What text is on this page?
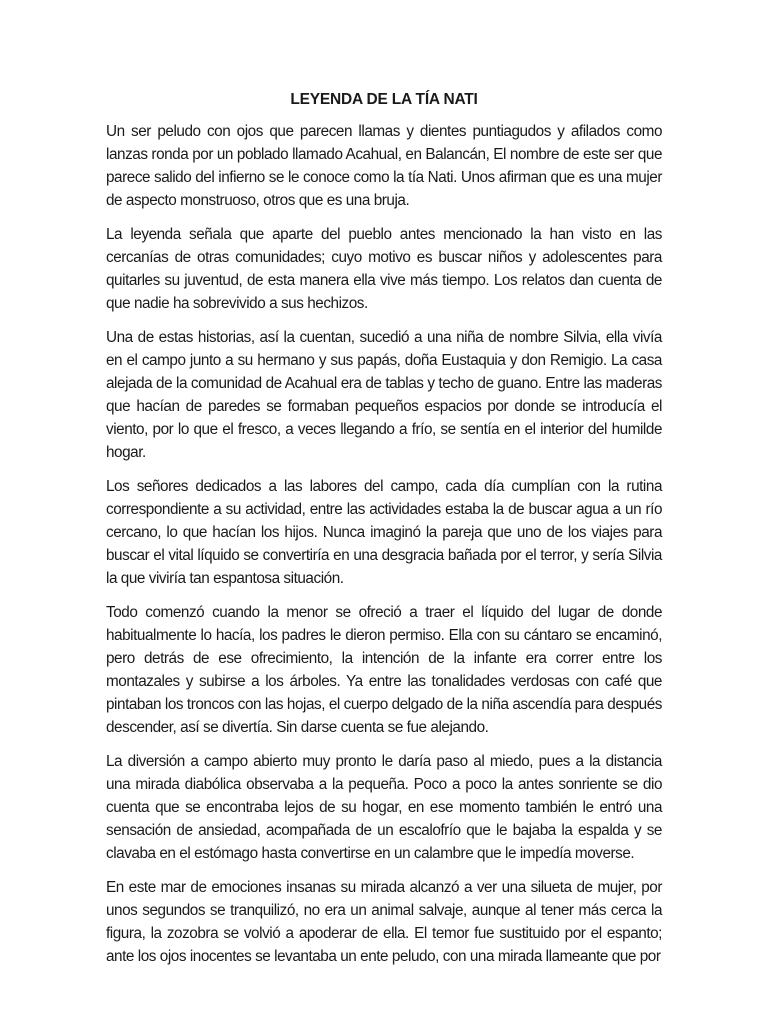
LEYENDA DE LA TÍA NATI

Un ser peludo con ojos que parecen llamas y dientes puntiagudos y afilados como lanzas ronda por un poblado llamado Acahual, en Balancán, El nombre de este ser que parece salido del infierno se le conoce como la tía Nati. Unos afirman que es una mujer de aspecto monstruoso, otros que es una bruja.

La leyenda señala que aparte del pueblo antes mencionado la han visto en las cercanías de otras comunidades; cuyo motivo es buscar niños y adolescentes para quitarles su juventud, de esta manera ella vive más tiempo. Los relatos dan cuenta de que nadie ha sobrevivido a sus hechizos.

Una de estas historias, así la cuentan, sucedió a una niña de nombre Silvia, ella vivía en el campo junto a su hermano y sus papás, doña Eustaquia y don Remigio. La casa alejada de la comunidad de Acahual era de tablas y techo de guano. Entre las maderas que hacían de paredes se formaban pequeños espacios por donde se introducía el viento, por lo que el fresco, a veces llegando a frío, se sentía en el interior del humilde hogar.

Los señores dedicados a las labores del campo, cada día cumplían con la rutina correspondiente a su actividad, entre las actividades estaba la de buscar agua a un río cercano, lo que hacían los hijos. Nunca imaginó la pareja que uno de los viajes para buscar el vital líquido se convertiría en una desgracia bañada por el terror, y sería Silvia la que viviría tan espantosa situación.

Todo comenzó cuando la menor se ofreció a traer el líquido del lugar de donde habitualmente lo hacía, los padres le dieron permiso. Ella con su cántaro se encaminó, pero detrás de ese ofrecimiento, la intención de la infante era correr entre los montazales y subirse a los árboles. Ya entre las tonalidades verdosas con café que pintaban los troncos con las hojas, el cuerpo delgado de la niña ascendía para después descender, así se divertía. Sin darse cuenta se fue alejando.

La diversión a campo abierto muy pronto le daría paso al miedo, pues a la distancia una mirada diabólica observaba a la pequeña. Poco a poco la antes sonriente se dio cuenta que se encontraba lejos de su hogar, en ese momento también le entró una sensación de ansiedad, acompañada de un escalofrío que le bajaba la espalda y se clavaba en el estómago hasta convertirse en un calambre que le impedía moverse.

En este mar de emociones insanas su mirada alcanzó a ver una silueta de mujer, por unos segundos se tranquilizó, no era un animal salvaje, aunque al tener más cerca la figura, la zozobra se volvió a apoderar de ella. El temor fue sustituido por el espanto; ante los ojos inocentes se levantaba un ente peludo, con una mirada llameante que por
